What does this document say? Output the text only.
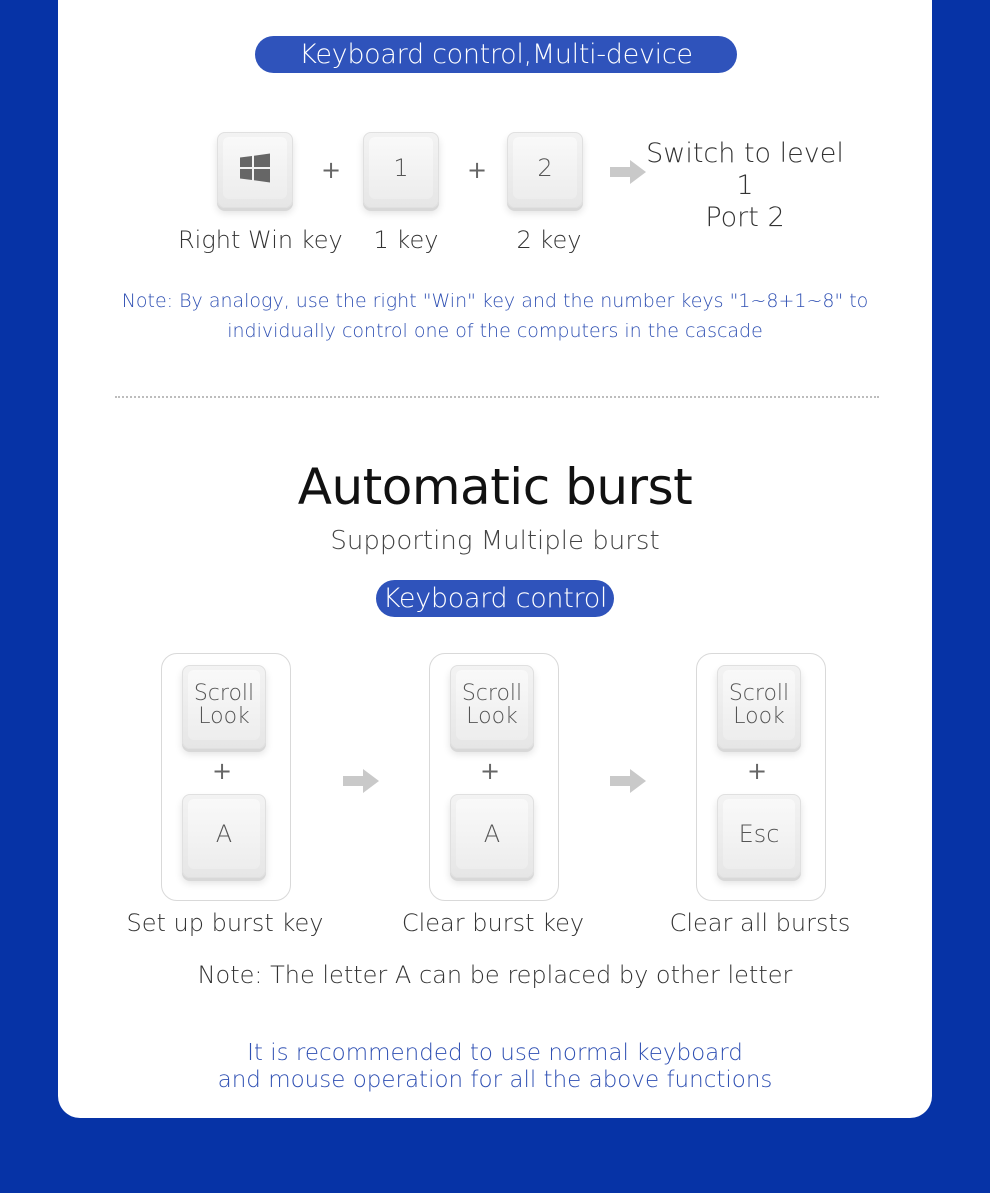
Keyboard control,Multi-device cascade
+	1	+	2	Switch to level 1
Port 2
Right Win key	1 key	2 key
Note: By analogy, use the right "Win" key and the number keys "1~8+1~8" to
individually control one of the computers in the cascade
Automatic burst
Supporting Multiple burst
Keyboard control
Scroll
Look
+
A
Set up burst key
Scroll
Look
+
A
Clear burst key
Scroll
Look
+
Esc
Clear all bursts
Note: The letter A can be replaced by other letter
It is recommended to use normal keyboard
and mouse operation for all the above functions
